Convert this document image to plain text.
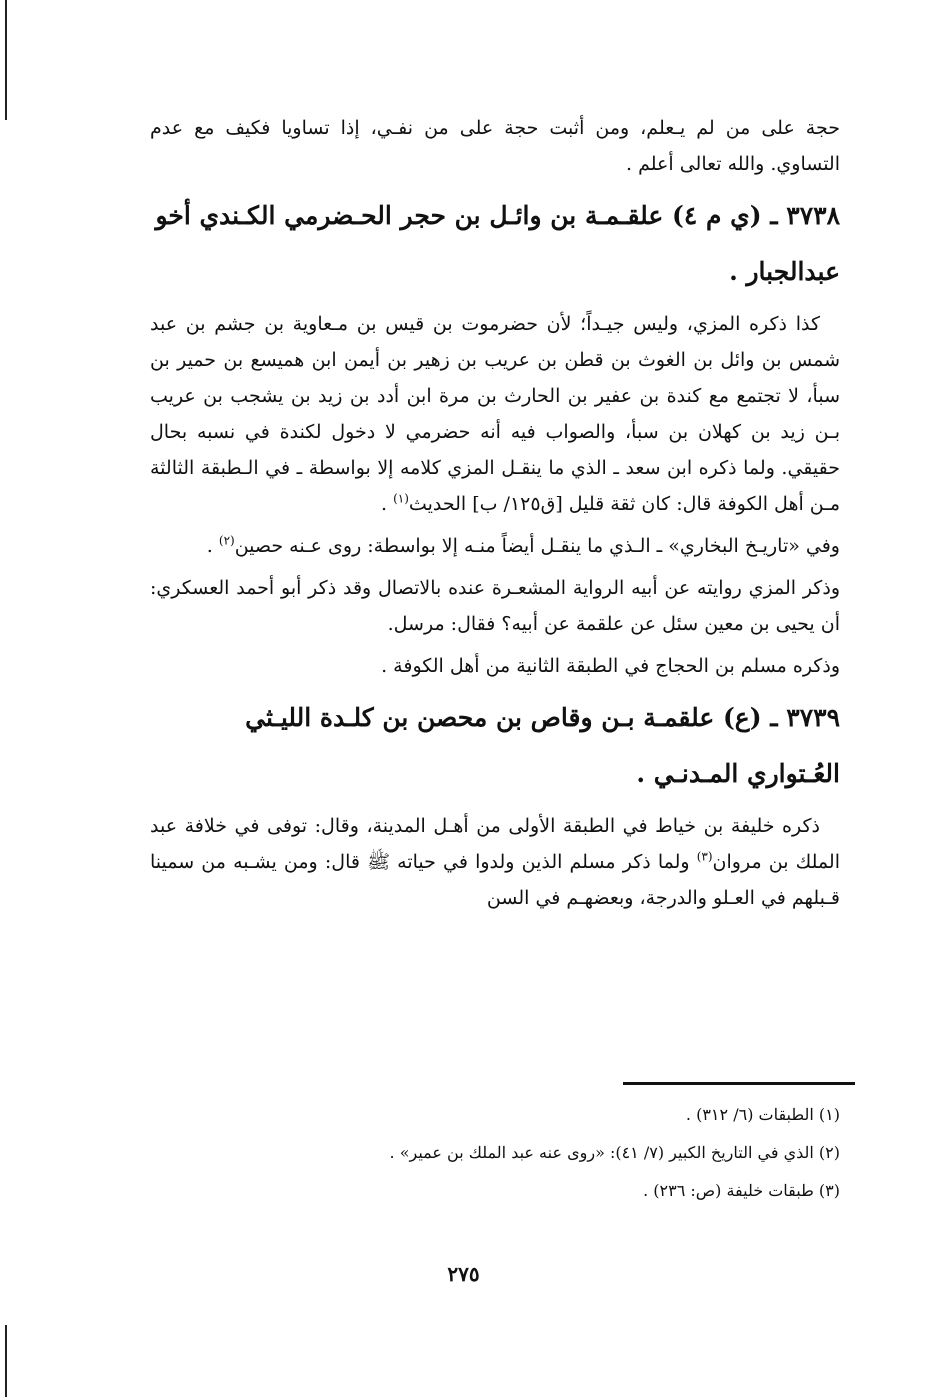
حجة على من لم يـعلم، ومن أثبت حجة على من نفـي، إذا تساويا فكيف مع عدم التساوي. والله تعالى أعلم .

٣٧٣٨ ـ (ي م ٤) علقـمـة بن وائـل بن حجر الحـضرمي الكـندي أخو عبدالجبار .

كذا ذكره المزي، وليس جيـداً؛ لأن حضرموت بن قيس بن مـعاوية بن جشم بن عبد شمس بن وائل بن الغوث بن قطن بن عريب بن زهير بن أيمن ابن هميسع بن حمير بن سبأ، لا تجتمع مع كندة بن عفير بن الحارث بن مرة ابن أدد بن زيد بن يشجب بن عريب بـن زيد بن كهلان بن سبأ، والصواب فيه أنه حضرمي لا دخول لكندة في نسبه بحال حقيقي. ولما ذكره ابن سعد ـ الذي ما ينقـل المزي كلامه إلا بواسطة ـ في الـطبقة الثالثة مـن أهل الكوفة قال: كان ثقة قليل [ق١٢٥/ ب] الحديث$^{(١)}$ .

وفي «تاريـخ البخاري» ـ الـذي ما ينقـل أيضاً منـه إلا بواسطة: روى عـنه حصين$^{(٢)}$ .

وذكر المزي روايته عن أبيه الرواية المشعـرة عنده بالاتصال وقد ذكر أبو أحمد العسكري: أن يحيى بن معين سئل عن علقمة عن أبيه؟ فقال: مرسل.

وذكره مسلم بن الحجاج في الطبقة الثانية من أهل الكوفة .

٣٧٣٩ ـ (ع) علقمـة بـن وقاص بن محصن بن كلـدة الليـثي العُـتواري المـدنـي .

ذكره خليفة بن خياط في الطبقة الأولى من أهـل المدينة، وقال: توفى في خلافة عبد الملك بن مروان$^{(٣)}$ ولما ذكر مسلم الذين ولدوا في حياته ﷺ قال: ومن يشـبه من سمينا قـبلهم في العـلو والدرجة، وبعضهـم في السن

(١) الطبقات (٦/ ٣١٢) .

(٢) الذي في التاريخ الكبير (٧/ ٤١): «روى عنه عبد الملك بن عمير» .

(٣) طبقات خليفة (ص: ٢٣٦) .

٢٧٥
